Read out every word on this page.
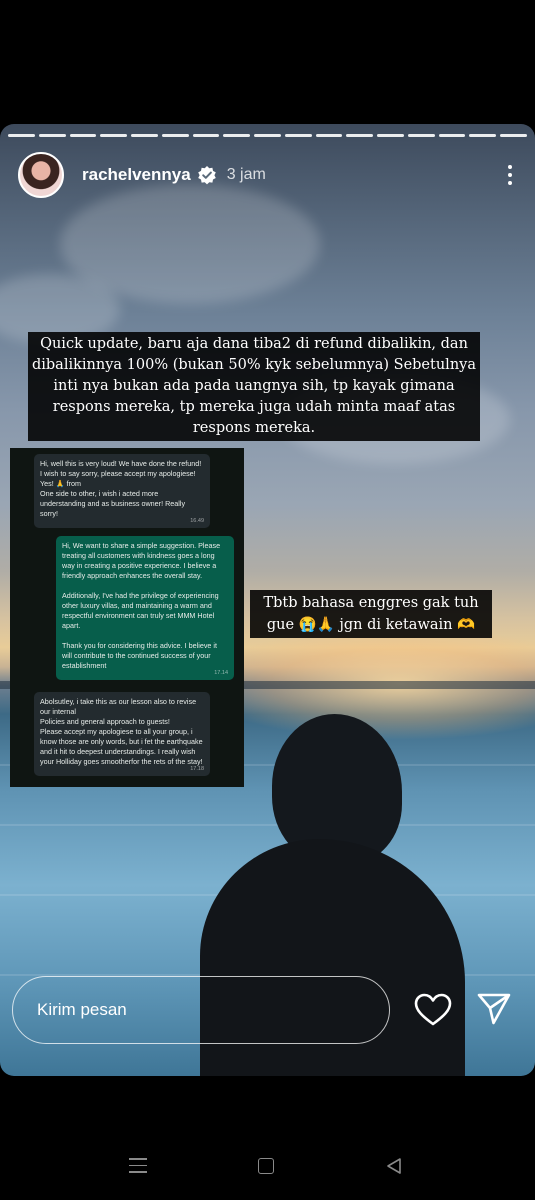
rachelvennya 3 jam
Quick update, baru aja dana tiba2 di refund dibalikin, dan dibalikinnya 100% (bukan 50% kyk sebelumnya) Sebetulnya inti nya bukan ada pada uangnya sih, tp kayak gimana respons mereka, tp mereka juga udah minta maaf atas respons mereka.
Hi, well this is very loud! We have done the refund! I wish to say sorry, please accept my apologiese! Yes! 🙏 from
One side to other, i wish i acted more understanding and as business owner! Really sorry!
16.49
Hi, We want to share a simple suggestion. Please treating all customers with kindness goes a long way in creating a positive experience. I believe a friendly approach enhances the overall stay.

Additionally, I've had the privilege of experiencing other luxury villas, and maintaining a warm and respectful environment can truly set MMM Hotel apart.

Thank you for considering this advice. I believe it will contribute to the continued success of your establishment
17.14
Abolsutley, i take this as our lesson also to revise our internal
Policies and general approach to guests!
Please accept my apologiese to all your group, i know those are only words, but i fet the earthquake and it hit to deepest understandings. I really wish your Holliday goes smootherfor the rets of the stay!
17.18
Tbtb bahasa enggres gak tuh gue 😭🙏 jgn di ketawain 🫶
Kirim pesan
